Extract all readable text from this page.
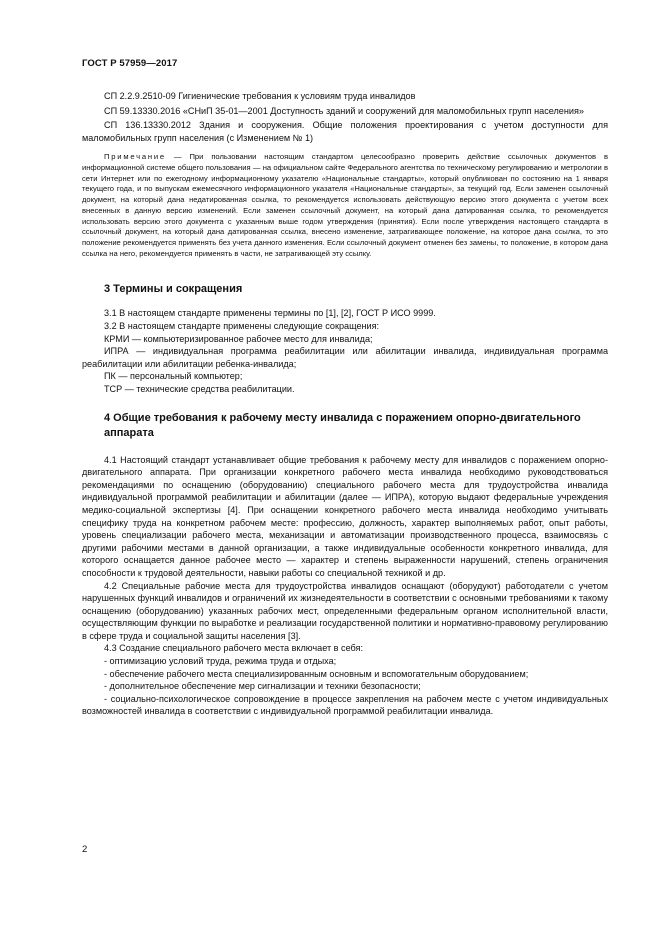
ГОСТ Р 57959—2017

СП 2.2.9.2510-09 Гигиенические требования к условиям труда инвалидов

СП 59.13330.2016 «СНиП 35-01—2001 Доступность зданий и сооружений для маломобильных групп населения»

СП 136.13330.2012 Здания и сооружения. Общие положения проектирования с учетом доступности для маломобильных групп населения (с Изменением № 1)

Примечание — При пользовании настоящим стандартом целесообразно проверить действие ссылочных документов в информационной системе общего пользования — на официальном сайте Федерального агентства по техническому регулированию и метрологии в сети Интернет или по ежегодному информационному указателю «Национальные стандарты», который опубликован по состоянию на 1 января текущего года, и по выпускам ежемесячного информационного указателя «Национальные стандарты», за текущий год. Если заменен ссылочный документ, на который дана недатированная ссылка, то рекомендуется использовать действующую версию этого документа с учетом всех внесенных в данную версию изменений. Если заменен ссылочный документ, на который дана датированная ссылка, то рекомендуется использовать версию этого документа с указанным выше годом утверждения (принятия). Если после утверждения настоящего стандарта в ссылочный документ, на который дана датированная ссылка, внесено изменение, затрагивающее положение, на которое дана ссылка, то это положение рекомендуется применять без учета данного изменения. Если ссылочный документ отменен без замены, то положение, в котором дана ссылка на него, рекомендуется применять в части, не затрагивающей эту ссылку.

3 Термины и сокращения

3.1 В настоящем стандарте применены термины по [1], [2], ГОСТ Р ИСО 9999.

3.2 В настоящем стандарте применены следующие сокращения:

КРМИ — компьютеризированное рабочее место для инвалида;

ИПРА — индивидуальная программа реабилитации или абилитации инвалида, индивидуальная программа реабилитации или абилитации ребенка-инвалида;

ПК — персональный компьютер;

ТСР — технические средства реабилитации.

4 Общие требования к рабочему месту инвалида с поражением опорно-двигательного аппарата

4.1 Настоящий стандарт устанавливает общие требования к рабочему месту для инвалидов с поражением опорно-двигательного аппарата. При организации конкретного рабочего места инвалида необходимо руководствоваться рекомендациями по оснащению (оборудованию) специального рабочего места для трудоустройства инвалида индивидуальной программой реабилитации и абилитации (далее — ИПРА), которую выдают федеральные учреждения медико-социальной экспертизы [4]. При оснащении конкретного рабочего места инвалида необходимо учитывать специфику труда на конкретном рабочем месте: профессию, должность, характер выполняемых работ, опыт работы, уровень специализации рабочего места, механизации и автоматизации производственного процесса, взаимосвязь с другими рабочими местами в данной организации, а также индивидуальные особенности конкретного инвалида, для которого оснащается данное рабочее место — характер и степень выраженности нарушений, степень ограничения способности к трудовой деятельности, навыки работы со специальной техникой и др.

4.2 Специальные рабочие места для трудоустройства инвалидов оснащают (оборудуют) работодатели с учетом нарушенных функций инвалидов и ограничений их жизнедеятельности в соответствии с основными требованиями к такому оснащению (оборудованию) указанных рабочих мест, определенными федеральным органом исполнительной власти, осуществляющим функции по выработке и реализации государственной политики и нормативно-правовому регулированию в сфере труда и социальной защиты населения [3].

4.3 Создание специального рабочего места включает в себя:

- оптимизацию условий труда, режима труда и отдыха;

- обеспечение рабочего места специализированным основным и вспомогательным оборудованием;

- дополнительное обеспечение мер сигнализации и техники безопасности;

- социально-психологическое сопровождение в процессе закрепления на рабочем месте с учетом индивидуальных возможностей инвалида в соответствии с индивидуальной программой реабилитации инвалида.

2
